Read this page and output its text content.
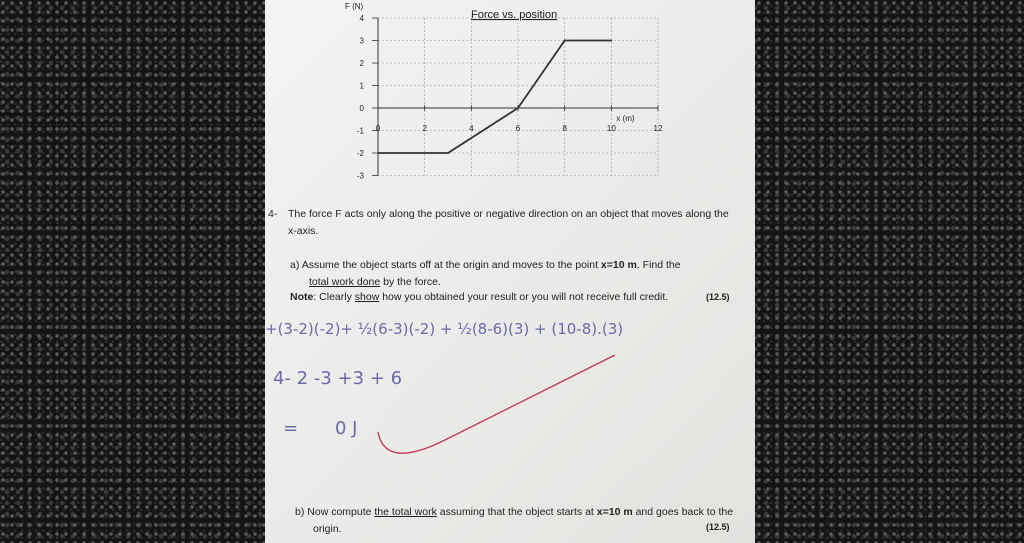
4
3
2
1
0
-1
-2
-3
0	2	4	6	8	10	12
Force vs. position
F (N)
x (m)
4- The force F acts only along the positive or negative direction on an object that moves along the
x-axis.
a) Assume the object starts off at the origin and moves to the point x=10 m. Find the
total work done by the force.
Note: Clearly show how you obtained your result or you will not receive full credit.	(12.5)
+(3-2)(-2)+ ½(6-3)(-2) + ½(8-6)(3) + (10-8).(3)
4- 2 -3 +3 + 6
= 0 J
b) Now compute the total work assuming that the object starts at x=10 m and goes back to the
origin.	(12.5)
